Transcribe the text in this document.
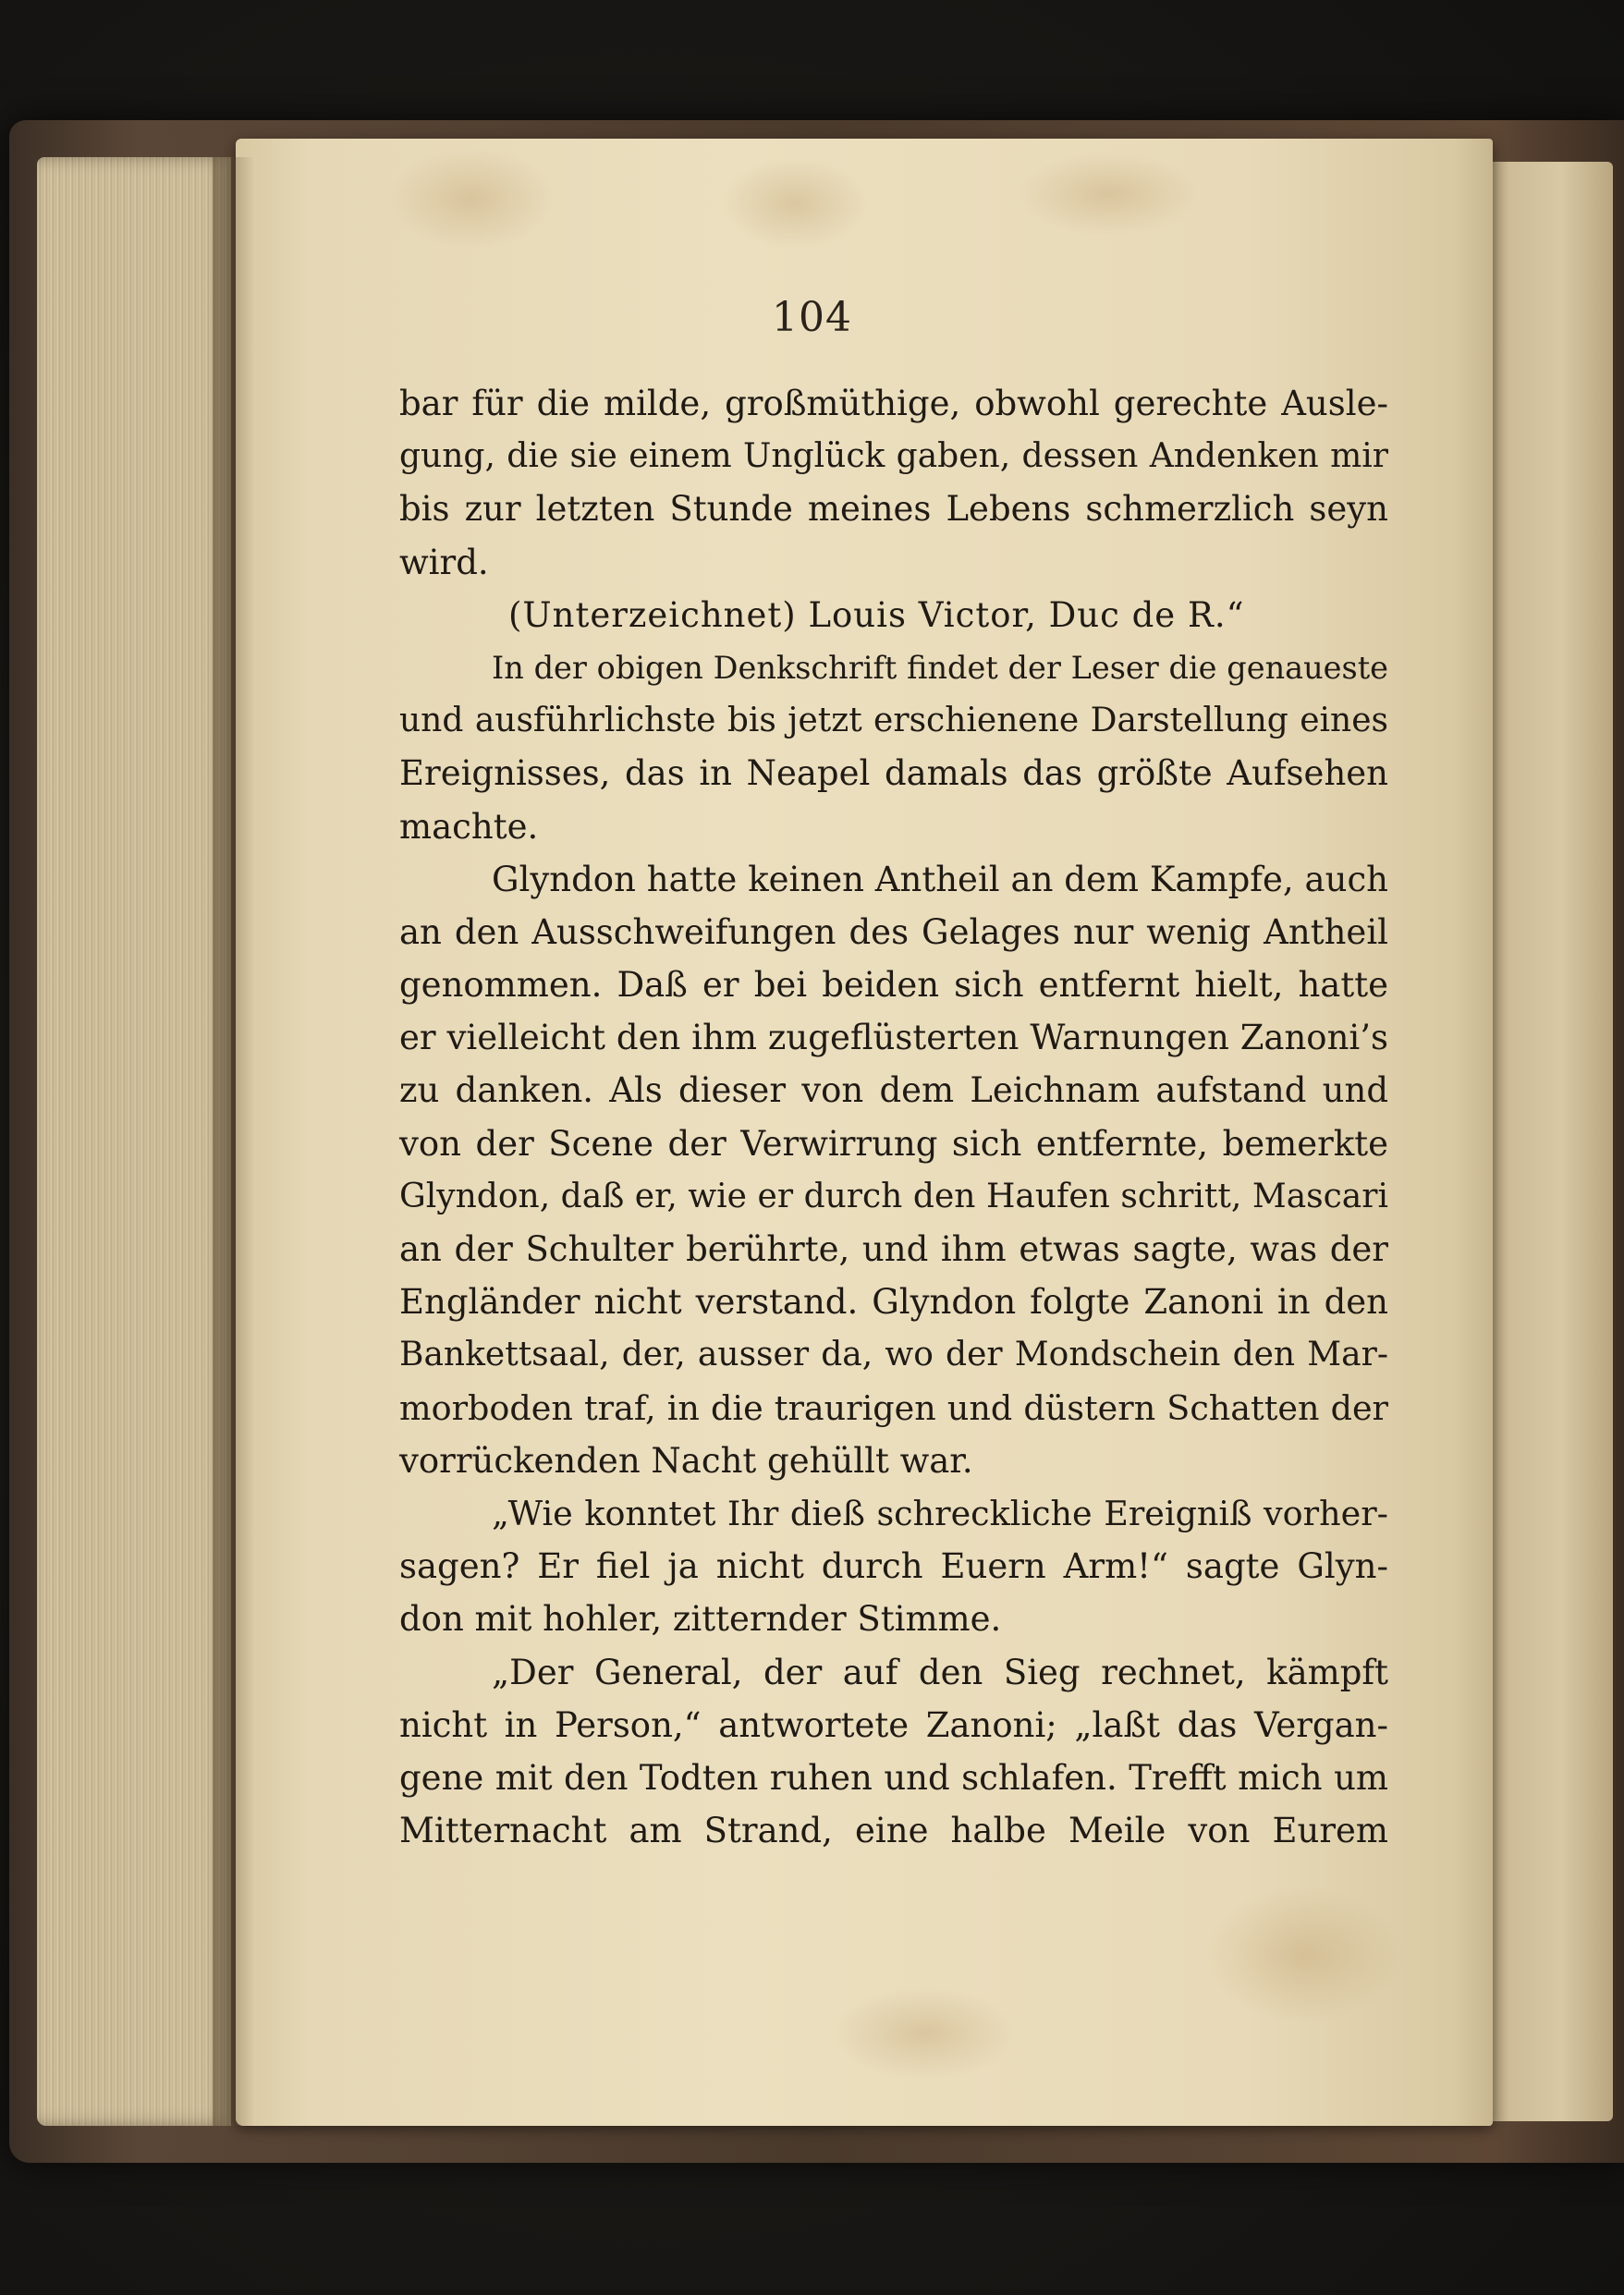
104
bar für die milde, großmüthige, obwohl gerechte Ausle-
gung, die sie einem Unglück gaben, dessen Andenken mir
bis zur letzten Stunde meines Lebens schmerzlich seyn
wird.
(Unterzeichnet) Louis Victor, Duc de R.“
In der obigen Denkschrift findet der Leser die genaueste
und ausführlichste bis jetzt erschienene Darstellung eines
Ereignisses, das in Neapel damals das größte Aufsehen
machte.
Glyndon hatte keinen Antheil an dem Kampfe, auch
an den Ausschweifungen des Gelages nur wenig Antheil
genommen. Daß er bei beiden sich entfernt hielt, hatte
er vielleicht den ihm zugeflüsterten Warnungen Zanoni’s
zu danken. Als dieser von dem Leichnam aufstand und
von der Scene der Verwirrung sich entfernte, bemerkte
Glyndon, daß er, wie er durch den Haufen schritt, Mascari
an der Schulter berührte, und ihm etwas sagte, was der
Engländer nicht verstand. Glyndon folgte Zanoni in den
Bankettsaal, der, ausser da, wo der Mondschein den Mar-
morboden traf, in die traurigen und düstern Schatten der
vorrückenden Nacht gehüllt war.
„Wie konntet Ihr dieß schreckliche Ereigniß vorher-
sagen? Er fiel ja nicht durch Euern Arm!“ sagte Glyn-
don mit hohler, zitternder Stimme.
„Der General, der auf den Sieg rechnet, kämpft
nicht in Person,“ antwortete Zanoni; „laßt das Vergan-
gene mit den Todten ruhen und schlafen. Trefft mich um
Mitternacht am Strand, eine halbe Meile von Eurem
